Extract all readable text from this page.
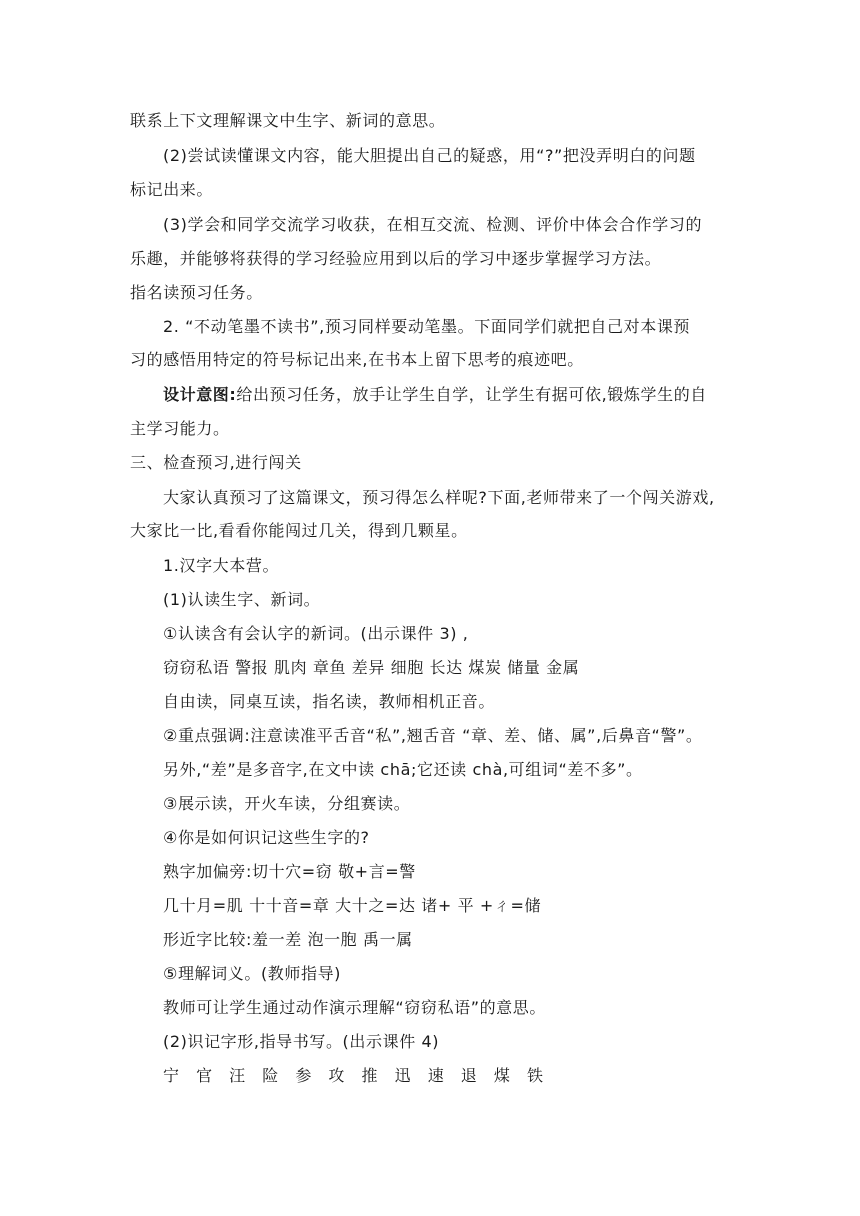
联系上下文理解课文中生字、新词的意思。
(2)尝试读懂课文内容，能大胆提出自己的疑惑，用“?”把没弄明白的问题
标记出来。
(3)学会和同学交流学习收获，在相互交流、检测、评价中体会合作学习的
乐趣，并能够将获得的学习经验应用到以后的学习中逐步掌握学习方法。
指名读预习任务。
2. “不动笔墨不读书”,预习同样要动笔墨。下面同学们就把自己对本课预
习的感悟用特定的符号标记出来,在书本上留下思考的痕迹吧。
设计意图:给出预习任务，放手让学生自学，让学生有据可依,锻炼学生的自
主学习能力。
三、检查预习,进行闯关
大家认真预习了这篇课文，预习得怎么样呢?下面,老师带来了一个闯关游戏,
大家比一比,看看你能闯过几关，得到几颗星。
1.汉字大本营。
(1)认读生字、新词。
①认读含有会认字的新词。(出示课件 3) ,
窃窃私语 警报 肌肉 章鱼 差异 细胞 长达 煤炭 储量 金属
自由读，同桌互读，指名读，教师相机正音。
②重点强调:注意读准平舌音“私”,翘舌音 “章、差、储、属”,后鼻音“警”。
另外,“差”是多音字,在文中读 chā;它还读 chà,可组词“差不多”。
③展示读，开火车读，分组赛读。
④你是如何识记这些生字的?
熟字加偏旁:切十穴=窃 敬+言=警
几十月=肌 十十音=章 大十之=达 诸+ 平 +ㄔ=储
形近字比较:羞一差 泡一胞 禹一属
⑤理解词义。(教师指导)
教师可让学生通过动作演示理解“窃窃私语”的意思。
(2)识记字形,指导书写。(出示课件 4)
宁 官 汪 险 参 攻 推 迅 速 退 煤 铁
